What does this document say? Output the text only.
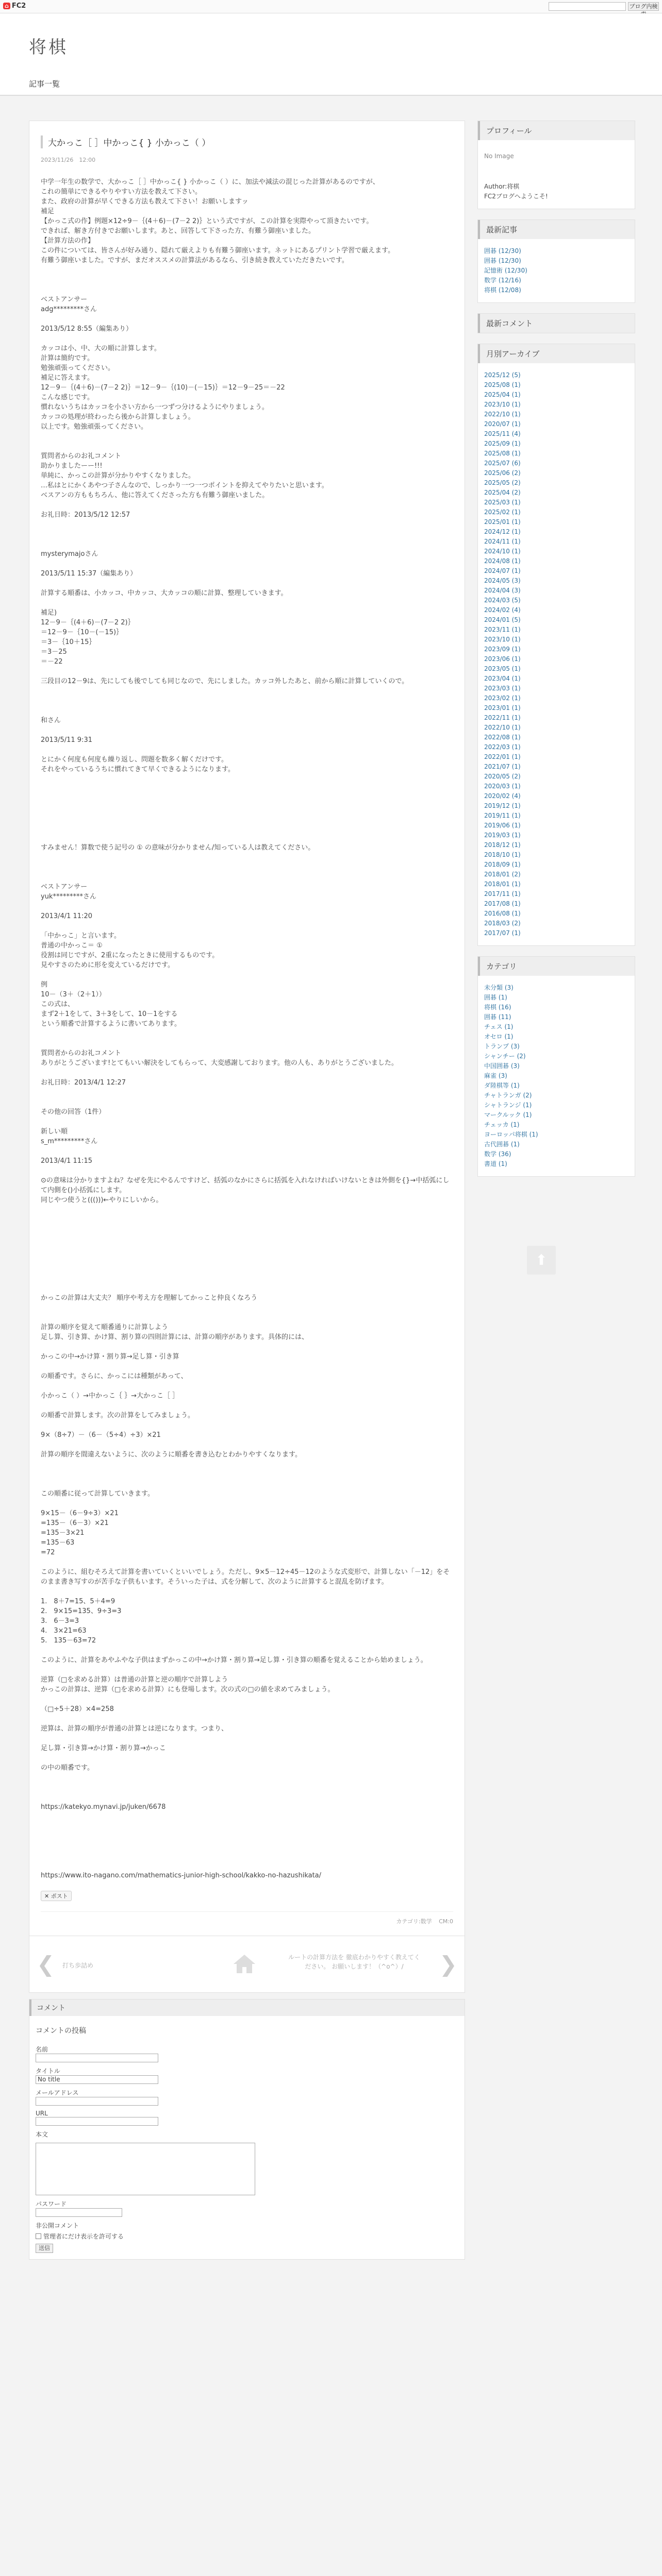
⌂ FC2	ブログ内検
将棋
記事一覧
大かっこ［ ］中かっこ{ } 小かっこ（ ）
2023/11/26　12:00
中学一年生の数学で、大かっこ［ ］中かっこ{ } 小かっこ（ ）に、加法や減法の混じった計算があるのですが、
これの簡単にできるやりやすい方法を教えて下さい。
また、政府の計算が早くできる方法も教えて下さい！お願いしますッ
補足
【かっこ式の作】例題×12÷9－｛(4＋6)－(7－2 2)｝という式ですが、この計算を実際やって頂きたいです。
できれば、解き方付きでお願いします。あと、回答して下さった方、有難う御座いました。
【計算方法の作】
この件については、皆さんが好み通り、隠れて厳えよりも有難う御座います。ネットにあるプリント学習で厳えます。
有難う御座いました。ですが、まだオススメの計算法があるなら、引き続き教えていただきたいです。

ベストアンサー
adg*********さん

2013/5/12 8:55（編集あり）

カッコは小、中、大の順に計算します。
計算は簡約です。
勉強頑張ってください。
補足に答えます。
12－9－｛(4＋6)－(7－2 2)｝＝12－9－｛(10)－(－15)｝＝12－9－25＝－22
こんな感じです。
慣れないうちはカッコを小さい方から一つずつ分けるようにやりましょう。
カッコの処理が終わったら後から計算しましょう。
以上です。勉強頑張ってください。

質問者からのお礼コメント
助かりましたーー!!!
単純に、かっこの計算が分かりやすくなりました。
…私はとにかくあやつ子さんなので、しっかり一つ一つポイントを抑えてやりたいと思います。
ベスアンの方ももちろん、他に答えてくださった方も有難う御座いました。

お礼日時：2013/5/12 12:57

mysterymajoさん

2013/5/11 15:37（編集あり）

計算する順番は、小カッコ、中カッコ、大カッコの順に計算、整理していきます。

補足)
12－9－｛(4＋6)－(7－2 2)｝
＝12－9－｛10－(－15)｝
＝3－｛10＋15｝
＝3－25
＝－22

三段目の12－9は、先にしても後でしても同じなので、先にしました。カッコ外したあと、前から順に計算していくので。

和さん

2013/5/11 9:31

とにかく何度も何度も繰り返し、問題を数多く解くだけです。
それをやっているうちに慣れてきて早くできるようになります。

すみません！算数で使う記号の ① の意味が分かりません/知っている人は教えてください。

ベストアンサー
yuk*********さん

2013/4/1 11:20

「中かっこ」と言います。
普通の中かっこ＝ ①
役割は同じですが、2重になったときに使用するものです。
見やすさのために形を変えているだけです。

例
10－（3＋（2＋1））
この式は、
まず2＋1をして、3＋3をして、10－1をする
という順番で計算するように書いてあります。

質問者からのお礼コメント
ありがとうございます!とてもいい解決をしてもらって、大変感謝しております。他の人も、ありがとうございました。

お礼日時：2013/4/1 12:27

その他の回答（1件）

新しい順
s_m*********さん

2013/4/1 11:15

⊙の意味は分かりますよね？なぜを先にやるんですけど、括弧のなかにさらに括弧を入れなければいけないときは外側を{}→中括弧にして内側を()小括弧にします。
同じやつ使うと((()))←やりにしいから。

かっこの計算は大丈夫？ 順序や考え方を理解してかっこと仲良くなろう

計算の順序を覚えて順番通りに計算しよう
足し算、引き算、かけ算、割り算の四則計算には、計算の順序があります。具体的には、

かっこの中→かけ算・割り算→足し算・引き算

の順番です。さらに、かっこには種類があって、

小かっこ（ ）→中かっこ｛ ｝→大かっこ［ ］

の順番で計算します。次の計算をしてみましょう。

9×（8÷7）－（6－（5÷4）÷3）×21

計算の順序を間違えないように、次のように順番を書き込むとわかりやすくなります。

この順番に従って計算していきます。

9×15－（6－9÷3）×21
=135－（6－3）×21
=135－3×21
=135－63
=72

このように、組むそろえて計算を書いていくといいでしょう。ただし、9×5－12÷45－12のような式変形で、計算しない「－12」をそのまま書き写すのが苦手な子供もいます。そういった子は、式を分解して、次のように計算すると混乱を防げます。

1.　8＋7=15、5＋4=9
2.　9×15=135、9÷3=3
3.　6－3=3
4.　3×21=63
5.　135－63=72

このように、計算をあやふやな子供はまずかっこの中→かけ算・割り算→足し算・引き算の順番を覚えることから始めましょう。

逆算（□を求める計算）は普通の計算と逆の順序で計算しよう
かっこの計算は、逆算（□を求める計算）にも登場します。次の式の□の値を求めてみましょう。

（□÷5＋28）×4=258

逆算は、計算の順序が普通の計算とは逆になります。つまり、

足し算・引き算→かけ算・割り算→かっこ

の中の順番です。

https://katekyo.mynavi.jp/juken/6678

https://www.ito-nagano.com/mathematics-junior-high-school/kakko-no-hazushikata/
✕ ポスト
カテゴリ:数学 CM:0
❮ 打ち歩詰め
ルートの計算方法を 徹底わかりやすく教えてください。 お願いします！（^o^）/	❯
コメント
コメントの投稿
名前
タイトル
No title
メールアドレス
URL
本文
パスワード
非公開コメント
管理者にだけ表示を許可する
送信
プロフィール
No Image
Author:将棋
FC2ブログへようこそ!
最新記事
囲碁 (12/30)
囲碁 (12/30)
記憶術 (12/30)
数学 (12/16)
将棋 (12/08)
最新コメント
月別アーカイブ
2025/12 (5)
2025/08 (1)
2025/04 (1)
2023/10 (1)
2022/10 (1)
2020/07 (1)
2025/11 (4)
2025/09 (1)
2025/08 (1)
2025/07 (6)
2025/06 (2)
2025/05 (2)
2025/04 (2)
2025/03 (1)
2025/02 (1)
2025/01 (1)
2024/12 (1)
2024/11 (1)
2024/10 (1)
2024/08 (1)
2024/07 (1)
2024/05 (3)
2024/04 (3)
2024/03 (5)
2024/02 (4)
2024/01 (5)
2023/11 (1)
2023/10 (1)
2023/09 (1)
2023/06 (1)
2023/05 (1)
2023/04 (1)
2023/03 (1)
2023/02 (1)
2023/01 (1)
2022/11 (1)
2022/10 (1)
2022/08 (1)
2022/03 (1)
2022/01 (1)
2021/07 (1)
2020/05 (2)
2020/03 (1)
2020/02 (4)
2019/12 (1)
2019/11 (1)
2019/06 (1)
2019/03 (1)
2018/12 (1)
2018/10 (1)
2018/09 (1)
2018/01 (2)
2018/01 (1)
2017/11 (1)
2017/08 (1)
2016/08 (1)
2018/03 (2)
2017/07 (1)
カテゴリ
未分類 (3)
囲碁 (1)
将棋 (16)
囲碁 (11)
チェス (1)
オセロ (1)
トランプ (3)
シャンチー (2)
中国囲碁 (3)
麻雀 (3)
ダ陸棋等 (1)
チャトランガ (2)
シャトランジ (1)
マークルック (1)
チェッカ (1)
ヨーロッパ将棋 (1)
古代囲碁 (1)
数学 (36)
書道 (1)
⬆
